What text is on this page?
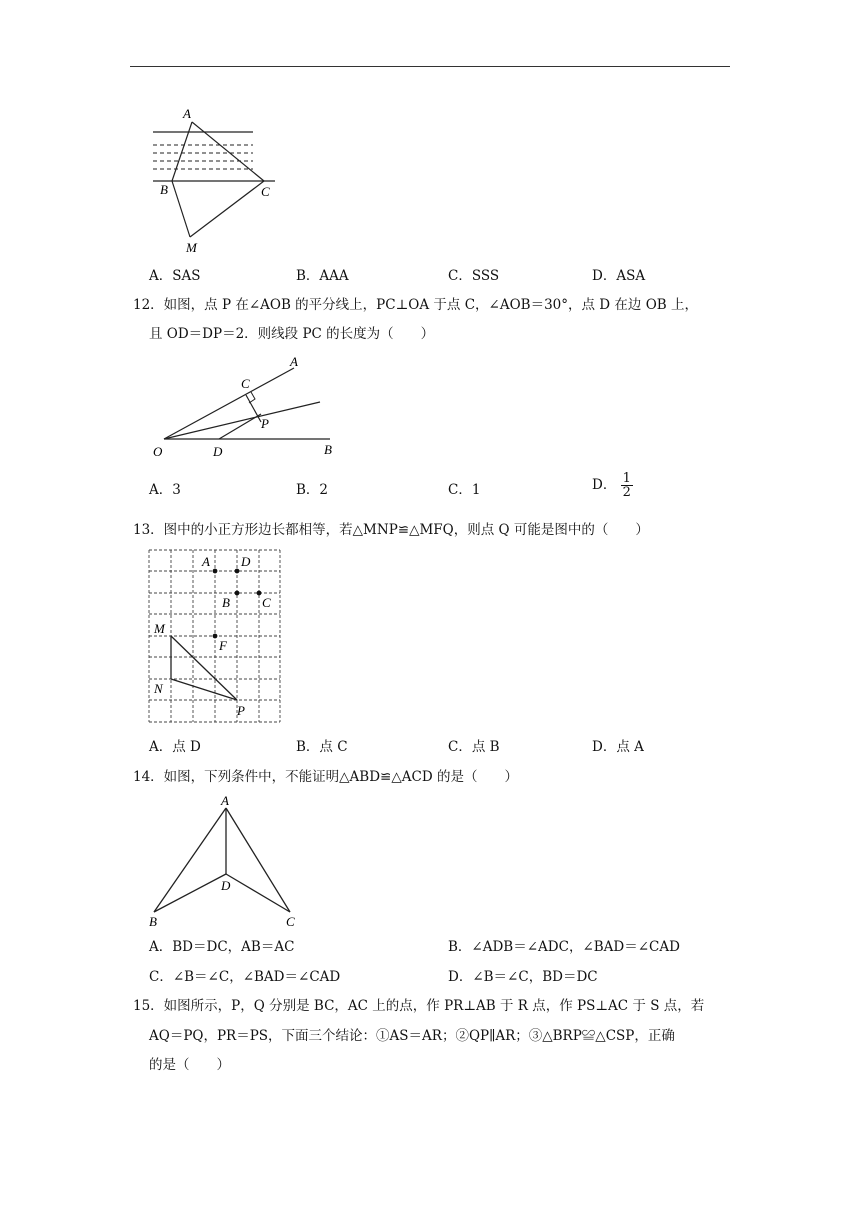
A
B	C
M
A．SAS	B．AAA	C．SSS	D．ASA
12．如图，点 P 在∠AOB 的平分线上，PC⊥OA 于点 C，∠AOB＝30°，点 D 在边 OB 上，
且 OD＝DP＝2．则线段 PC 的长度为（　　）
A
C
P
O	D	B
A．3	B．2	C．1	D． $\frac{1}{2}$
13．图中的小正方形边长都相等，若△MNP≌△MFQ，则点 Q 可能是图中的（　　）
A D
B C
M
F
N
P
A．点 D	B．点 C	C．点 B	D．点 A
14．如图，下列条件中，不能证明△ABD≌△ACD 的是（　　）
A
D
B	C
A．BD＝DC，AB＝AC	B．∠ADB＝∠ADC，∠BAD＝∠CAD
C．∠B＝∠C，∠BAD＝∠CAD	D．∠B＝∠C，BD＝DC
15．如图所示，P，Q 分别是 BC，AC 上的点，作 PR⊥AB 于 R 点，作 PS⊥AC 于 S 点，若
AQ＝PQ，PR＝PS，下面三个结论：①AS＝AR；②QP∥AR；③△BRP≌△CSP，正确
的是（　　）
